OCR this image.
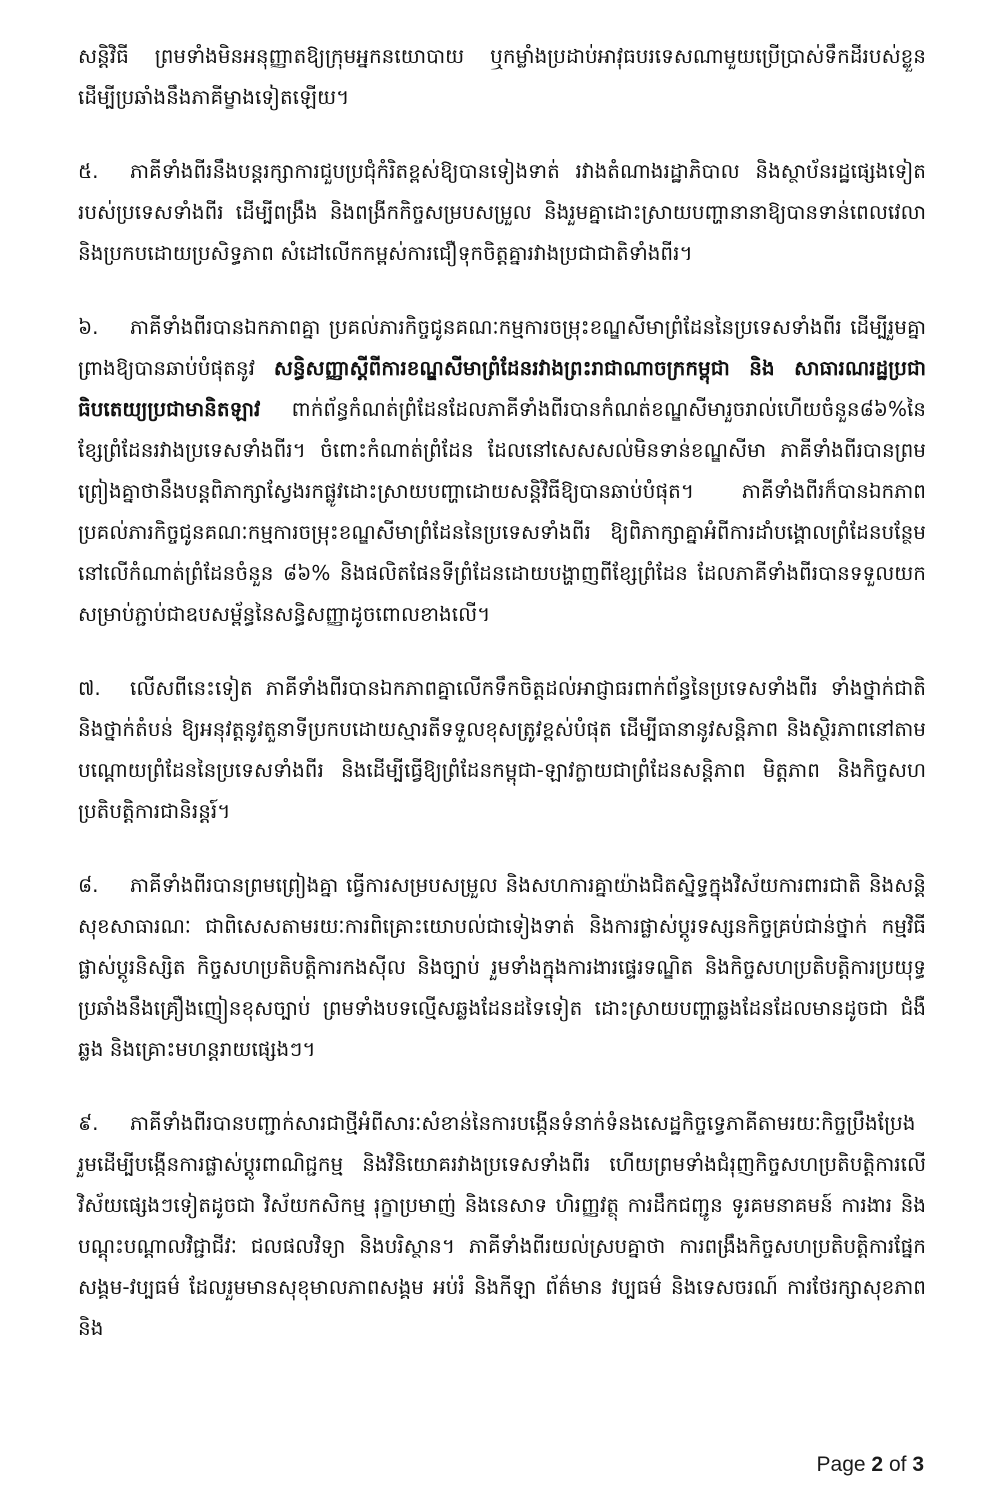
សន្តិវិធី ព្រមទាំងមិនអនុញ្ញាតឱ្យក្រុមអ្នកនយោបាយ ឬកម្លាំងប្រដាប់អាវុធបរទេសណាមួយប្រើប្រាស់ទឹកដីរបស់ខ្លួន ដើម្បីប្រឆាំងនឹងភាគីម្ខាងទៀតឡើយ។

៥. ភាគីទាំងពីរនឹងបន្តរក្សាការជួបប្រជុំកំរិតខ្ពស់ឱ្យបានទៀងទាត់ រវាងតំណាងរដ្ឋាភិបាល និងស្ថាប័នរដ្ឋផ្សេងទៀតរបស់ប្រទេសទាំងពីរ ដើម្បីពង្រឹង និងពង្រីកកិច្ចសម្របសម្រួល និងរួមគ្នាដោះស្រាយបញ្ហានានាឱ្យបានទាន់ពេលវេលា និងប្រកបដោយប្រសិទ្ធភាព សំដៅលើកកម្ពស់ការជឿទុកចិត្តគ្នារវាងប្រជាជាតិទាំងពីរ។

៦. ភាគីទាំងពីរបានឯកភាពគ្នា ប្រគល់ភារកិច្ចជូនគណៈកម្មការចម្រុះខណ្ឌសីមាព្រំដែននៃប្រទេសទាំងពីរ ដើម្បីរួមគ្នាព្រាងឱ្យបានឆាប់បំផុតនូវ សន្ធិសញ្ញាស្តីពីការខណ្ឌសីមាព្រំដែនរវាងព្រះរាជាណាចក្រកម្ពុជា និង សាធារណរដ្ឋប្រជាធិបតេយ្យប្រជាមានិតឡាវ ពាក់ព័ន្ធកំណត់ព្រំដែនដែលភាគីទាំងពីរបានកំណត់ខណ្ឌសីមារួចរាល់ហើយចំនួន៨៦%នៃខ្សែព្រំដែនរវាងប្រទេសទាំងពីរ។ ចំពោះកំណាត់ព្រំដែន ដែលនៅសេសសល់មិនទាន់ខណ្ឌសីមា ភាគីទាំងពីរបានព្រមព្រៀងគ្នាថានឹងបន្តពិភាក្សាស្វែងរកផ្លូវដោះស្រាយបញ្ហាដោយសន្តិវិធីឱ្យបានឆាប់បំផុត។ ភាគីទាំងពីរក៏បានឯកភាពប្រគល់ភារកិច្ចជូនគណៈកម្មការចម្រុះខណ្ឌសីមាព្រំដែននៃប្រទេសទាំងពីរ ឱ្យពិភាក្សាគ្នាអំពីការដាំបង្គោលព្រំដែនបន្ថែមនៅលើកំណាត់ព្រំដែនចំនួន ៨៦% និងផលិតផែនទីព្រំដែនដោយបង្ហាញពីខ្សែព្រំដែន ដែលភាគីទាំងពីរបានទទួលយកសម្រាប់ភ្ជាប់ជាឧបសម្ព័ន្ធនៃសន្ធិសញ្ញាដូចពោលខាងលើ។

៧. លើសពីនេះទៀត ភាគីទាំងពីរបានឯកភាពគ្នាលើកទឹកចិត្តដល់អាជ្ញាធរពាក់ព័ន្ធនៃប្រទេសទាំងពីរ ទាំងថ្នាក់ជាតិ និងថ្នាក់តំបន់ ឱ្យអនុវត្តនូវតួនាទីប្រកបដោយស្មារតីទទួលខុសត្រូវខ្ពស់បំផុត ដើម្បីធានានូវសន្តិភាព និងស្ថិរភាពនៅតាមបណ្តោយព្រំដែននៃប្រទេសទាំងពីរ និងដើម្បីធ្វើឱ្យព្រំដែនកម្ពុជា-ឡាវក្លាយជាព្រំដែនសន្តិភាព មិត្តភាព និងកិច្ចសហប្រតិបត្តិការជានិរន្តរ៍។

៨. ភាគីទាំងពីរបានព្រមព្រៀងគ្នា ធ្វើការសម្របសម្រួល និងសហការគ្នាយ៉ាងជិតស្និទ្ធក្នុងវិស័យការពារជាតិ និងសន្តិសុខសាធារណៈ ជាពិសេសតាមរយៈការពិគ្រោះយោបល់ជាទៀងទាត់ និងការផ្លាស់ប្តូរទស្សនកិច្ចគ្រប់ជាន់ថ្នាក់ កម្មវិធីផ្លាស់ប្តូរនិស្សិត កិច្ចសហប្រតិបត្តិការកងស៊ីល និងច្បាប់ រួមទាំងក្នុងការងារផ្ទេរទណ្ឌិត និងកិច្ចសហប្រតិបត្តិការប្រយុទ្ធប្រឆាំងនឹងគ្រឿងញៀនខុសច្បាប់ ព្រមទាំងបទល្មើសឆ្លងដែនដទៃទៀត ដោះស្រាយបញ្ហាឆ្លងដែនដែលមានដូចជា ជំងឺឆ្លង និងគ្រោះមហន្តរាយផ្សេងៗ។

៩. ភាគីទាំងពីរបានបញ្ជាក់សារជាថ្មីអំពីសារៈសំខាន់នៃការបង្កើនទំនាក់ទំនងសេដ្ឋកិច្ចទ្វេភាគីតាមរយៈកិច្ចប្រឹងប្រែងរួមដើម្បីបង្កើនការផ្លាស់ប្តូរពាណិជ្ជកម្ម និងវិនិយោគរវាងប្រទេសទាំងពីរ ហើយព្រមទាំងជំរុញកិច្ចសហប្រតិបត្តិការលើវិស័យផ្សេងៗទៀតដូចជា វិស័យកសិកម្ម រុក្ខាប្រមាញ់ និងនេសាទ ហិរញ្ញវត្ថុ ការដឹកជញ្ជូន ទូរគមនាគមន៍ ការងារ និងបណ្តុះបណ្តាលវិជ្ជាជីវៈ ជលផលវិទ្យា និងបរិស្ថាន។ ភាគីទាំងពីរយល់ស្របគ្នាថា ការពង្រឹងកិច្ចសហប្រតិបត្តិការផ្នែកសង្គម-វប្បធម៌ ដែលរួមមានសុខុមាលភាពសង្គម អប់រំ និងកីឡា ព័ត៌មាន វប្បធម៌ និងទេសចរណ៍ ការថែរក្សាសុខភាព និង

Page 2 of 3
